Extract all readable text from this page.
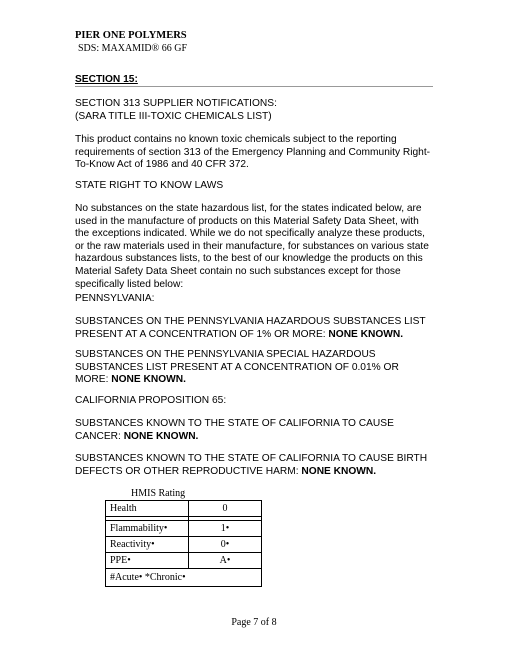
PIER ONE POLYMERS
SDS: MAXAMID® 66 GF
SECTION 15:
SECTION 313 SUPPLIER NOTIFICATIONS:
(SARA TITLE III-TOXIC CHEMICALS LIST)

This product contains no known toxic chemicals subject to the reporting requirements of section 313 of the Emergency Planning and Community Right-To-Know Act of 1986 and 40 CFR 372.

STATE RIGHT TO KNOW LAWS

No substances on the state hazardous list, for the states indicated below, are used in the manufacture of products on this Material Safety Data Sheet, with the exceptions indicated. While we do not specifically analyze these products, or the raw materials used in their manufacture, for substances on various state hazardous substances lists, to the best of our knowledge the products on this Material Safety Data Sheet contain no such substances except for those specifically listed below:

PENNSYLVANIA:

SUBSTANCES ON THE PENNSYLVANIA HAZARDOUS SUBSTANCES LIST PRESENT AT A CONCENTRATION OF 1% OR MORE: NONE KNOWN.

SUBSTANCES ON THE PENNSYLVANIA SPECIAL HAZARDOUS SUBSTANCES LIST PRESENT AT A CONCENTRATION OF 0.01% OR MORE: NONE KNOWN.

CALIFORNIA PROPOSITION 65:

SUBSTANCES KNOWN TO THE STATE OF CALIFORNIA TO CAUSE CANCER: NONE KNOWN.

SUBSTANCES KNOWN TO THE STATE OF CALIFORNIA TO CAUSE BIRTH DEFECTS OR OTHER REPRODUCTIVE HARM: NONE KNOWN.

HMIS Rating
Health	0

Flammability•	1•
Reactivity•	0•
PPE•	A•
#Acute• *Chronic•	
Page 7 of 8
